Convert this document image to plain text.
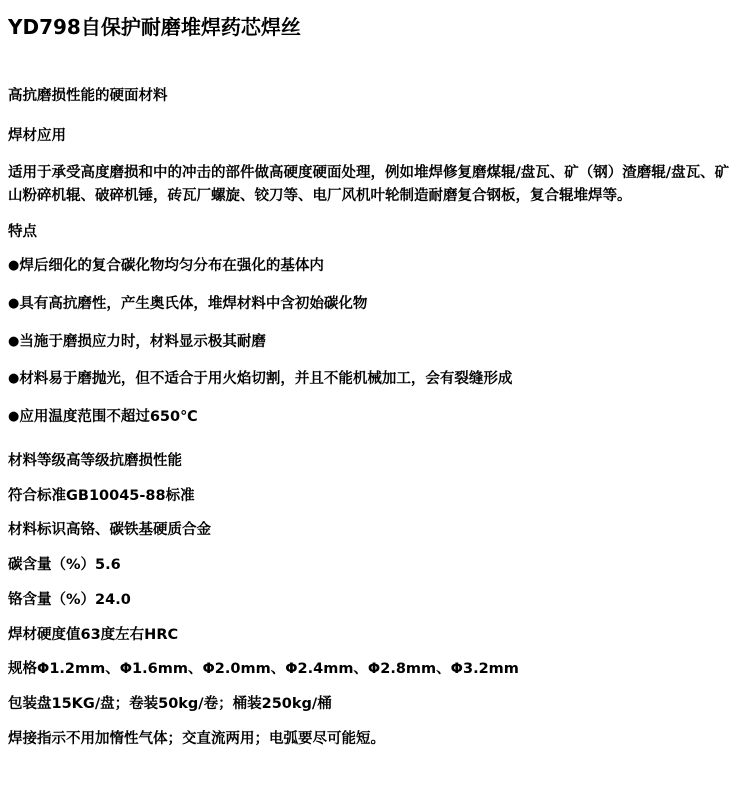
YD798自保护耐磨堆焊药芯焊丝

高抗磨损性能的硬面材料

焊材应用

适用于承受高度磨损和中的冲击的部件做高硬度硬面处理，例如堆焊修复磨煤辊/盘瓦、矿（钢）渣磨辊/盘瓦、矿山粉碎机辊、破碎机锤，砖瓦厂螺旋、铰刀等、电厂风机叶轮制造耐磨复合钢板，复合辊堆焊等。

特点

●焊后细化的复合碳化物均匀分布在强化的基体内

●具有高抗磨性，产生奥氏体，堆焊材料中含初始碳化物

●当施于磨损应力时，材料显示极其耐磨

●材料易于磨抛光，但不适合于用火焰切割，并且不能机械加工，会有裂缝形成

●应用温度范围不超过650℃

材料等级高等级抗磨损性能

符合标准GB10045-88标准

材料标识高铬、碳铁基硬质合金

碳含量（%）5.6

铬含量（%）24.0

焊材硬度值63度左右HRC

规格Φ1.2mm、Φ1.6mm、Φ2.0mm、Φ2.4mm、Φ2.8mm、Φ3.2mm

包装盘15KG/盘；卷装50kg/卷；桶装250kg/桶

焊接指示不用加惰性气体；交直流两用；电弧要尽可能短。
